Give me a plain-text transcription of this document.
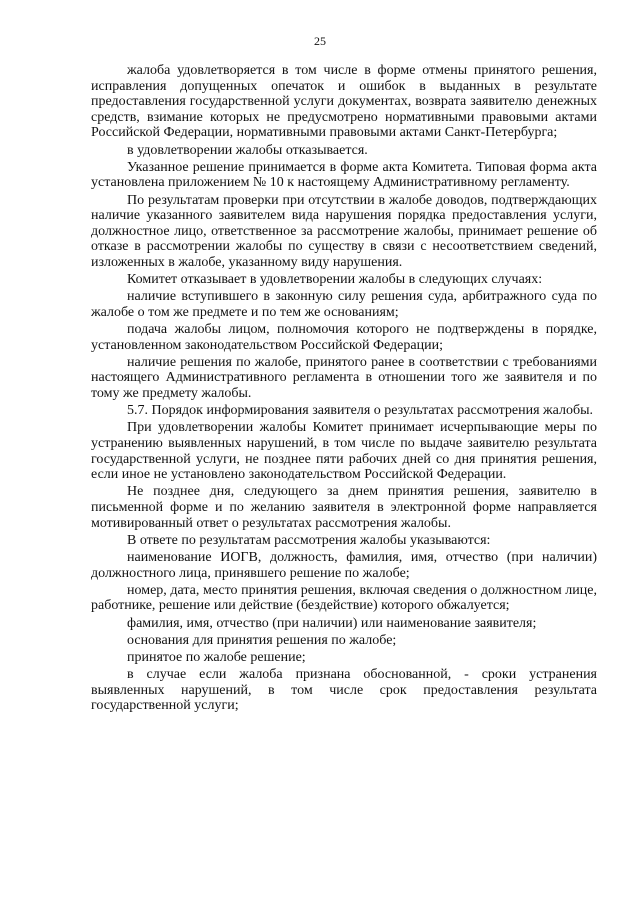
25

жалоба удовлетворяется в том числе в форме отмены принятого решения, исправления допущенных опечаток и ошибок в выданных в результате предоставления государственной услуги документах, возврата заявителю денежных средств, взимание которых не предусмотрено нормативными правовыми актами Российской Федерации, нормативными правовыми актами Санкт-Петербурга;

в удовлетворении жалобы отказывается.

Указанное решение принимается в форме акта Комитета. Типовая форма акта установлена приложением № 10 к настоящему Административному регламенту.

По результатам проверки при отсутствии в жалобе доводов, подтверждающих наличие указанного заявителем вида нарушения порядка предоставления услуги, должностное лицо, ответственное за рассмотрение жалобы, принимает решение об отказе в рассмотрении жалобы по существу в связи с несоответствием сведений, изложенных в жалобе, указанному виду нарушения.

Комитет отказывает в удовлетворении жалобы в следующих случаях:

наличие вступившего в законную силу решения суда, арбитражного суда по жалобе о том же предмете и по тем же основаниям;

подача жалобы лицом, полномочия которого не подтверждены в порядке, установленном законодательством Российской Федерации;

наличие решения по жалобе, принятого ранее в соответствии с требованиями настоящего Административного регламента в отношении того же заявителя и по тому же предмету жалобы.

5.7. Порядок информирования заявителя о результатах рассмотрения жалобы.

При удовлетворении жалобы Комитет принимает исчерпывающие меры по устранению выявленных нарушений, в том числе по выдаче заявителю результата государственной услуги, не позднее пяти рабочих дней со дня принятия решения, если иное не установлено законодательством Российской Федерации.

Не позднее дня, следующего за днем принятия решения, заявителю в письменной форме и по желанию заявителя в электронной форме направляется мотивированный ответ о результатах рассмотрения жалобы.

В ответе по результатам рассмотрения жалобы указываются:

наименование ИОГВ, должность, фамилия, имя, отчество (при наличии) должностного лица, принявшего решение по жалобе;

номер, дата, место принятия решения, включая сведения о должностном лице, работнике, решение или действие (бездействие) которого обжалуется;

фамилия, имя, отчество (при наличии) или наименование заявителя;

основания для принятия решения по жалобе;

принятое по жалобе решение;

в случае если жалоба признана обоснованной, - сроки устранения выявленных нарушений, в том числе срок предоставления результата государственной услуги;
